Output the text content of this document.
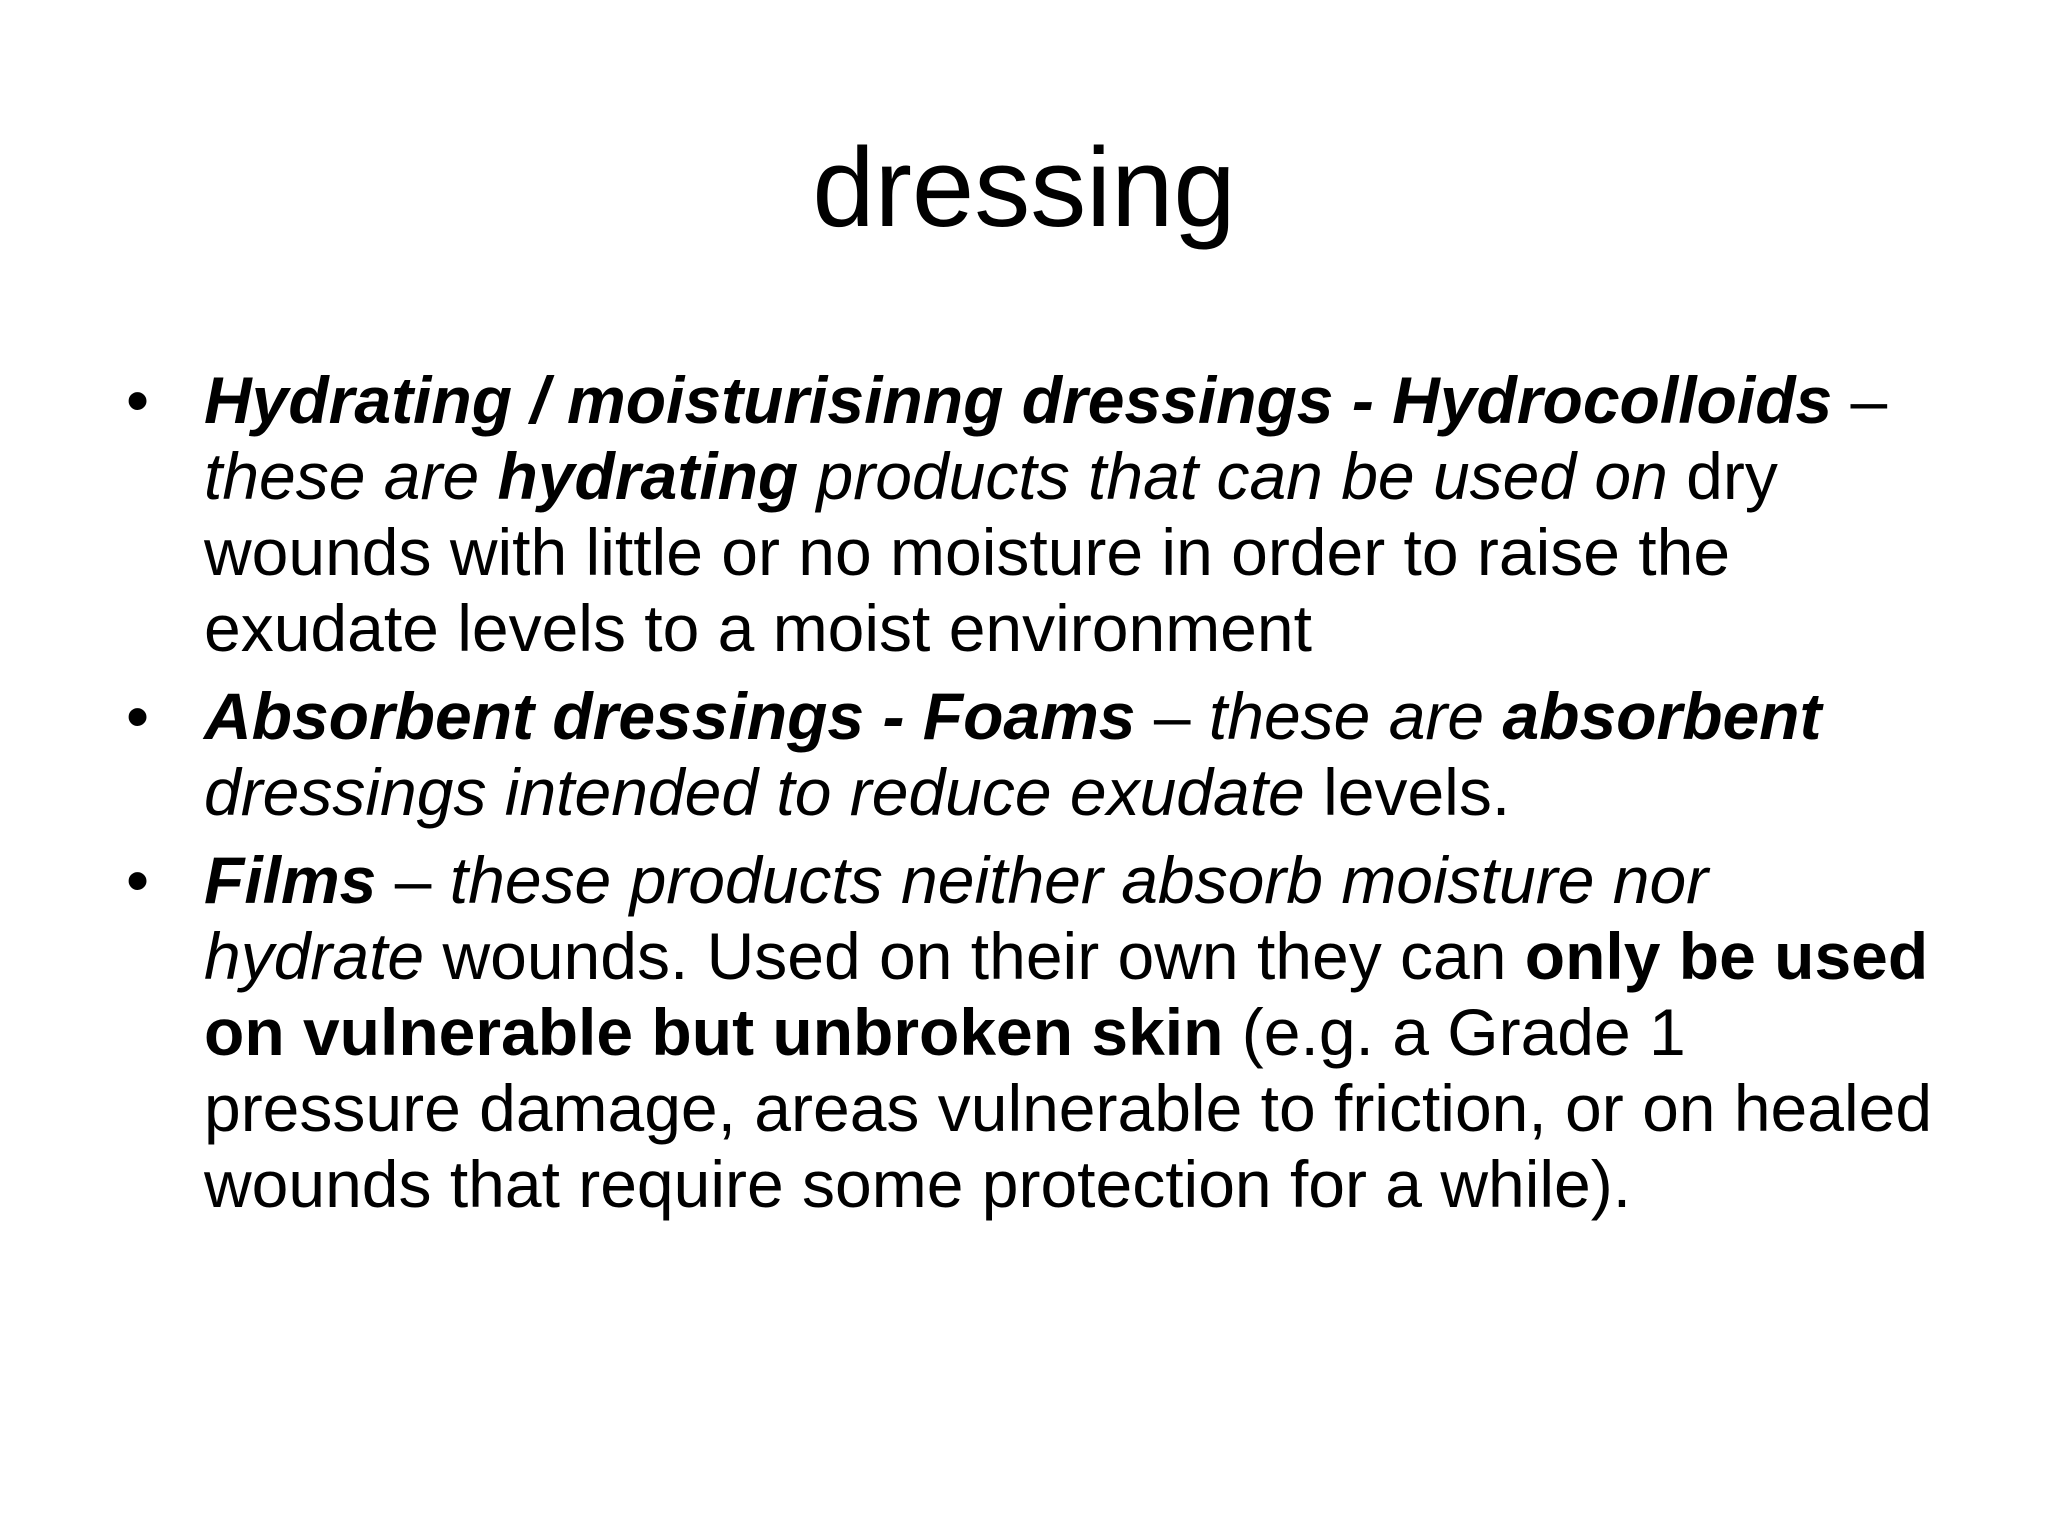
dressing
• Hydrating / moisturisinng dressings - Hydrocolloids – these are hydrating products that can be used on dry wounds with little or no moisture in order to raise the exudate levels to a moist environment
• Absorbent dressings - Foams – these are absorbent dressings intended to reduce exudate levels.
• Films – these products neither absorb moisture nor hydrate wounds. Used on their own they can only be used on vulnerable but unbroken skin (e.g. a Grade 1 pressure damage, areas vulnerable to friction, or on healed wounds that require some protection for a while).
